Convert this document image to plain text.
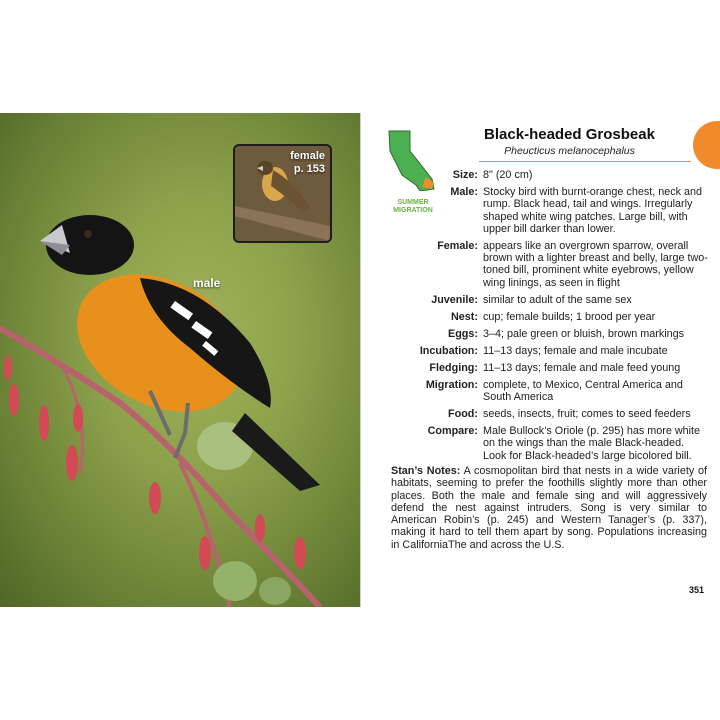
male
female
p. 153
SUMMER
MIGRATION
Black-headed Grosbeak
Pheucticus melanocephalus
Size: 8" (20 cm)
Male: Stocky bird with burnt-orange chest, neck and rump. Black head, tail and wings. Irregularly shaped white wing patches. Large bill, with upper bill darker than lower.
Female: appears like an overgrown sparrow, overall brown with a lighter breast and belly, large two-toned bill, prominent white eyebrows, yellow wing linings, as seen in flight
Juvenile: similar to adult of the same sex
Nest: cup; female builds; 1 brood per year
Eggs: 3–4; pale green or bluish, brown markings
Incubation: 11–13 days; female and male incubate
Fledging: 11–13 days; female and male feed young
Migration: complete, to Mexico, Central America and South America
Food: seeds, insects, fruit; comes to seed feeders
Compare: Male Bullock’s Oriole (p. 295) has more white on the wings than the male Black-headed. Look for Black-headed’s large bicolored bill.
Stan’s Notes: A cosmopolitan bird that nests in a wide variety of habitats, seeming to prefer the foothills slightly more than other places. Both the male and female sing and will aggressively defend the nest against intruders. Song is very similar to American Robin’s (p. 245) and Western Tanager’s (p. 337), making it hard to tell them apart by song. Populations increasing in CaliforniaThe and across the U.S.
351
